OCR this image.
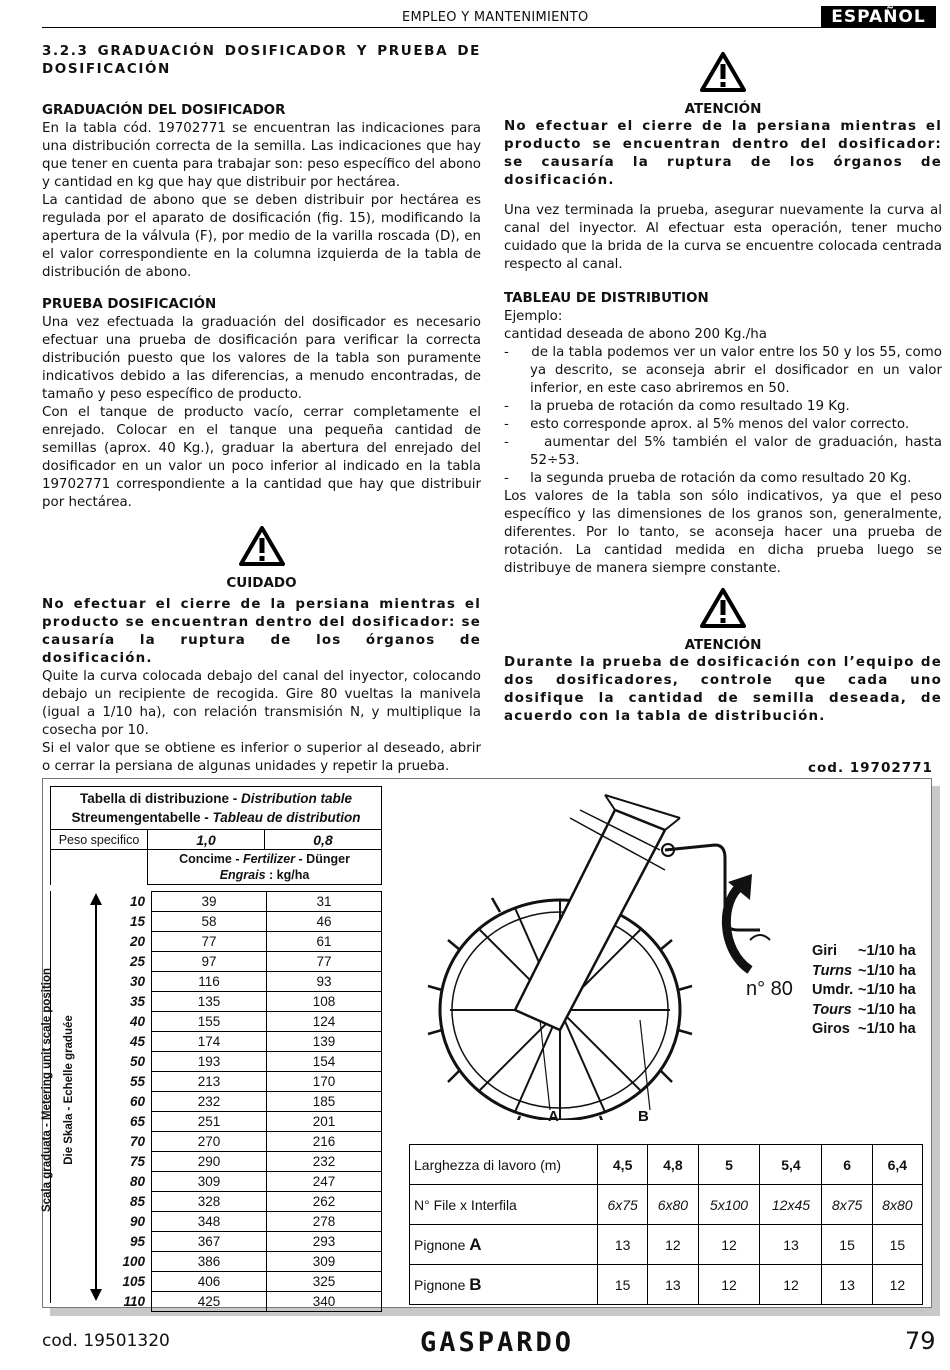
EMPLEO Y MANTENIMIENTO	ESPAÑOL

3.2.3 GRADUACIÓN DOSIFICADOR Y PRUEBA DE DOSIFICACIÓN

GRADUACIÓN DEL DOSIFICADOR

En la tabla cód. 19702771 se encuentran las indicaciones para una distribución correcta de la semilla. Las indicaciones que hay que tener en cuenta para trabajar son: peso específico del abono y cantidad en kg que hay que distribuir por hectárea.

La cantidad de abono que se deben distribuir por hectárea es regulada por el aparato de dosificación (fig. 15), modificando la apertura de la válvula (F), por medio de la varilla roscada (D), en el valor correspondiente en la columna izquierda de la tabla de distribución de abono.

PRUEBA DOSIFICACIÓN

Una vez efectuada la graduación del dosificador es necesario efectuar una prueba de dosificación para verificar la correcta distribución puesto que los valores de la tabla son puramente indicativos debido a las diferencias, a menudo encontradas, de tamaño y peso específico de producto.

Con el tanque de producto vacío, cerrar completamente el enrejado. Colocar en el tanque una pequeña cantidad de semillas (aprox. 40 Kg.), graduar la abertura del enrejado del dosificador en un valor un poco inferior al indicado en la tabla 19702771 correspondiente a la cantidad que hay que distribuir por hectárea.

CUIDADO

No efectuar el cierre de la persiana mientras el producto se encuentran dentro del dosificador: se causaría la ruptura de los órganos de dosificación.

Quite la curva colocada debajo del canal del inyector, colocando debajo un recipiente de recogida. Gire 80 vueltas la manivela (igual a 1/10 ha), con relación transmisión N, y multiplique la cosecha por 10.

Si el valor que se obtiene es inferior o superior al deseado, abrir o cerrar la persiana de algunas unidades y repetir la prueba.

ATENCIÓN

No efectuar el cierre de la persiana mientras el producto se encuentran dentro del dosificador: se causaría la ruptura de los órganos de dosificación.

Una vez terminada la prueba, asegurar nuevamente la curva al canal del inyector. Al efectuar esta operación, tener mucho cuidado que la brida de la curva se encuentre colocada centrada respecto al canal.

TABLEAU DE DISTRIBUTION

Ejemplo:

cantidad deseada de abono 200 Kg./ha

- de la tabla podemos ver un valor entre los 50 y los 55, como ya descrito, se aconseja abrir el dosificador en un valor inferior, en este caso abriremos en 50.

- la prueba de rotación da como resultado 19 Kg.

- esto corresponde aprox. al 5% menos del valor correcto.

-	aumentar del 5% también el valor de graduación, hasta 52÷53.

- la segunda prueba de rotación da como resultado 20 Kg.

Los valores de la tabla son sólo indicativos, ya que el peso específico y las dimensiones de los granos son, generalmente, diferentes. Por lo tanto, se aconseja hacer una prueba de rotación. La cantidad medida en dicha prueba luego se distribuye de manera siempre constante.

ATENCIÓN

Durante la prueba de dosificación con l’equipo de dos dosificadores, controle que cada uno dosifique la cantidad de semilla deseada, de acuerdo con la tabla de distribución.

cod. 19702771
Tabella di distribuzione - Distribution table
Streumengentabelle - Tableau de distribution
Peso specifico	1,0	0,8
	Concime - Fertilizer - Dünger
Engrais : kg/ha	
Scala graduata - Metering unit scale position Die Skala - Echelle graduée
10	39	31
15	58	46
20	77	61
25	97	77
30	116	93
35	135	108
40	155	124
45	174	139
50	193	154
55	213	170
60	232	185
65	251	201
70	270	216
75	290	232
80	309	247
85	328	262
90	348	278
95	367	293
100	386	309
105	406	325
110	425	340
n° 80
Giri ~1/10 ha
Turns ~1/10 ha
Umdr. ~1/10 ha
Tours ~1/10 ha
Giros ~1/10 ha
A	B
Larghezza di lavoro (m)	4,5	4,8	5	5,4	6	6,4
N° File x Interfila	6x75	6x80	5x100	12x45	8x75	8x80
Pignone A	13	12	12	13	15	15
Pignone B	15	13	12	12	13	12
cod. 19501320	GASPARDO	79
